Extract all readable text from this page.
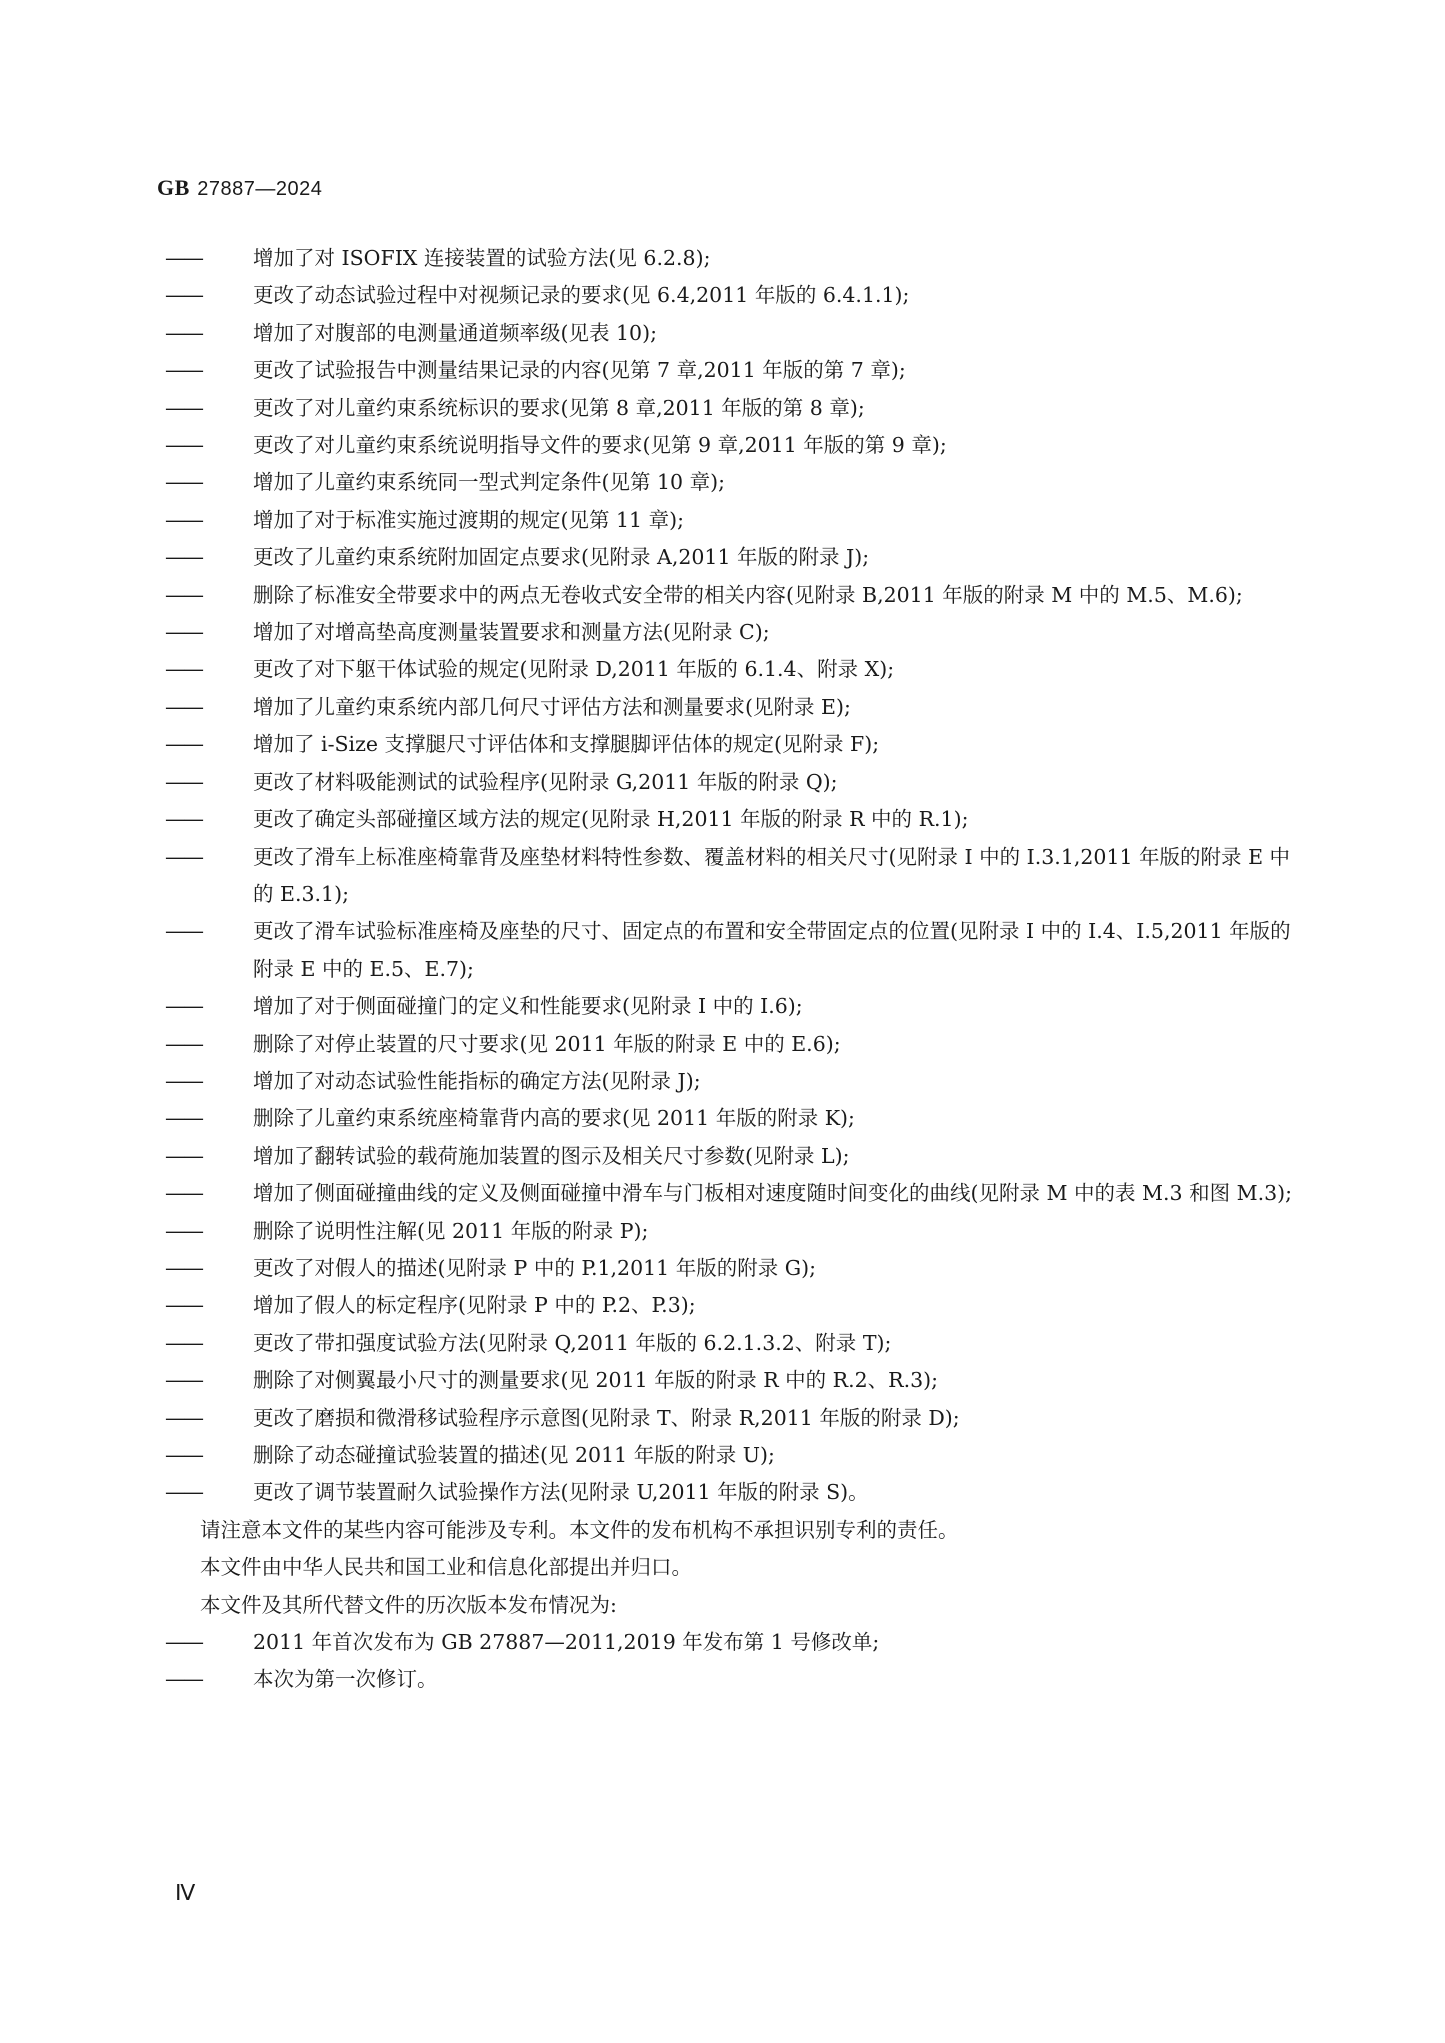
GB 27887—2024
—— 增加了对 ISOFIX 连接装置的试验方法(见 6.2.8);
—— 更改了动态试验过程中对视频记录的要求(见 6.4,2011 年版的 6.4.1.1);
—— 增加了对腹部的电测量通道频率级(见表 10);
—— 更改了试验报告中测量结果记录的内容(见第 7 章,2011 年版的第 7 章);
—— 更改了对儿童约束系统标识的要求(见第 8 章,2011 年版的第 8 章);
—— 更改了对儿童约束系统说明指导文件的要求(见第 9 章,2011 年版的第 9 章);
—— 增加了儿童约束系统同一型式判定条件(见第 10 章);
—— 增加了对于标准实施过渡期的规定(见第 11 章);
—— 更改了儿童约束系统附加固定点要求(见附录 A,2011 年版的附录 J);
—— 删除了标准安全带要求中的两点无卷收式安全带的相关内容(见附录 B,2011 年版的附录 M 中的 M.5、M.6);
—— 增加了对增高垫高度测量装置要求和测量方法(见附录 C);
—— 更改了对下躯干体试验的规定(见附录 D,2011 年版的 6.1.4、附录 X);
—— 增加了儿童约束系统内部几何尺寸评估方法和测量要求(见附录 E);
—— 增加了 i-Size 支撑腿尺寸评估体和支撑腿脚评估体的规定(见附录 F);
—— 更改了材料吸能测试的试验程序(见附录 G,2011 年版的附录 Q);
—— 更改了确定头部碰撞区域方法的规定(见附录 H,2011 年版的附录 R 中的 R.1);
—— 更改了滑车上标准座椅靠背及座垫材料特性参数、覆盖材料的相关尺寸(见附录 I 中的 I.3.1,2011 年版的附录 E 中的 E.3.1);
—— 更改了滑车试验标准座椅及座垫的尺寸、固定点的布置和安全带固定点的位置(见附录 I 中的 I.4、I.5,2011 年版的附录 E 中的 E.5、E.7);
—— 增加了对于侧面碰撞门的定义和性能要求(见附录 I 中的 I.6);
—— 删除了对停止装置的尺寸要求(见 2011 年版的附录 E 中的 E.6);
—— 增加了对动态试验性能指标的确定方法(见附录 J);
—— 删除了儿童约束系统座椅靠背内高的要求(见 2011 年版的附录 K);
—— 增加了翻转试验的载荷施加装置的图示及相关尺寸参数(见附录 L);
—— 增加了侧面碰撞曲线的定义及侧面碰撞中滑车与门板相对速度随时间变化的曲线(见附录 M 中的表 M.3 和图 M.3);
—— 删除了说明性注解(见 2011 年版的附录 P);
—— 更改了对假人的描述(见附录 P 中的 P.1,2011 年版的附录 G);
—— 增加了假人的标定程序(见附录 P 中的 P.2、P.3);
—— 更改了带扣强度试验方法(见附录 Q,2011 年版的 6.2.1.3.2、附录 T);
—— 删除了对侧翼最小尺寸的测量要求(见 2011 年版的附录 R 中的 R.2、R.3);
—— 更改了磨损和微滑移试验程序示意图(见附录 T、附录 R,2011 年版的附录 D);
—— 删除了动态碰撞试验装置的描述(见 2011 年版的附录 U);
—— 更改了调节装置耐久试验操作方法(见附录 U,2011 年版的附录 S)。
请注意本文件的某些内容可能涉及专利。本文件的发布机构不承担识别专利的责任。
本文件由中华人民共和国工业和信息化部提出并归口。
本文件及其所代替文件的历次版本发布情况为:
—— 2011 年首次发布为 GB 27887—2011,2019 年发布第 1 号修改单;
—— 本次为第一次修订。
Ⅳ
